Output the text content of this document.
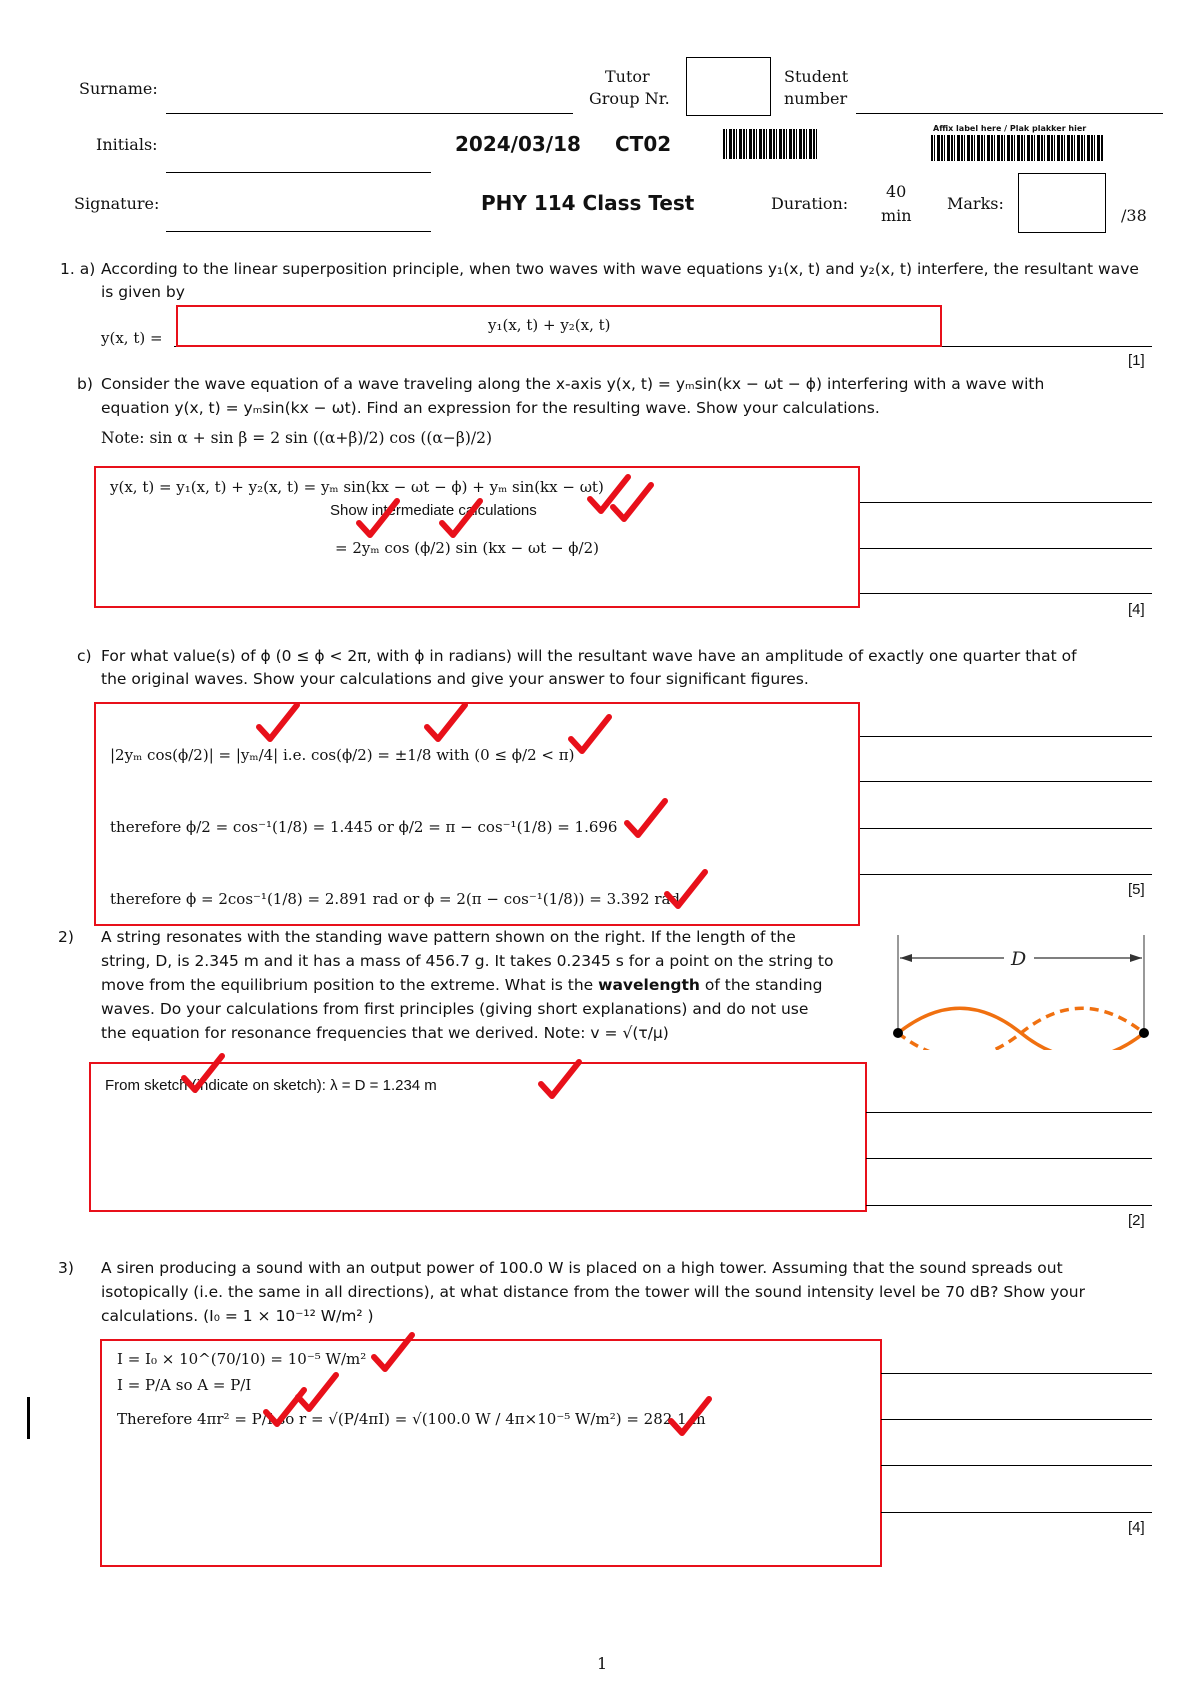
Surname:
Tutor
Group Nr.
Student
number
Initials:	2024/03/18 CT02
Affix label here / Plak plakker hier
Signature:	PHY 114 Class Test	Duration:
40
min
Marks:
/38
1. a) According to the linear superposition principle, when two waves with wave equations y₁(x, t) and y₂(x, t) interfere, the resultant wave is given by
y(x, t) =
y₁(x, t) + y₂(x, t)
[1]
b) Consider the wave equation of a wave traveling along the x-axis y(x, t) = yₘsin(kx − ωt − ϕ) interfering with a wave with
equation y(x, t) = yₘsin(kx − ωt). Find an expression for the resulting wave. Show your calculations.
Note: sin α + sin β = 2 sin ((α+β)/2) cos ((α−β)/2)
y(x, t) = y₁(x, t) + y₂(x, t) = yₘ sin(kx − ωt − ϕ) + yₘ sin(kx − ωt)
Show intermediate calculations
= 2yₘ cos (ϕ/2) sin (kx − ωt − ϕ/2)
[4]
c) For what value(s) of ϕ (0 ≤ ϕ < 2π, with ϕ in radians) will the resultant wave have an amplitude of exactly one quarter that of
the original waves. Show your calculations and give your answer to four significant figures.
|2yₘ cos(ϕ/2)| = |yₘ/4| i.e. cos(ϕ/2) = ±1/8 with (0 ≤ ϕ/2 < π)
therefore ϕ/2 = cos⁻¹(1/8) = 1.445 or ϕ/2 = π − cos⁻¹(1/8) = 1.696
therefore ϕ = 2cos⁻¹(1/8) = 2.891 rad or ϕ = 2(π − cos⁻¹(1/8)) = 3.392 rad
[5]
2) A string resonates with the standing wave pattern shown on the right. If the length of the
string, D, is 2.345 m and it has a mass of 456.7 g. It takes 0.2345 s for a point on the string to
move from the equilibrium position to the extreme. What is the wavelength of the standing
waves. Do your calculations from first principles (giving short explanations) and do not use
the equation for resonance frequencies that we derived. Note: v = √(τ/μ)
D
From sketch (indicate on sketch): λ = D = 1.234 m
[2]
3) A siren producing a sound with an output power of 100.0 W is placed on a high tower. Assuming that the sound spreads out
isotopically (i.e. the same in all directions), at what distance from the tower will the sound intensity level be 70 dB? Show your
calculations. (I₀ = 1 × 10⁻¹² W/m² )
I = I₀ × 10^(70/10) = 10⁻⁵ W/m²
I = P/A so A = P/I
Therefore 4πr² = P/I so r = √(P/4πI) = √(100.0 W / 4π×10⁻⁵ W/m²) = 282.1 m
[4]
1
